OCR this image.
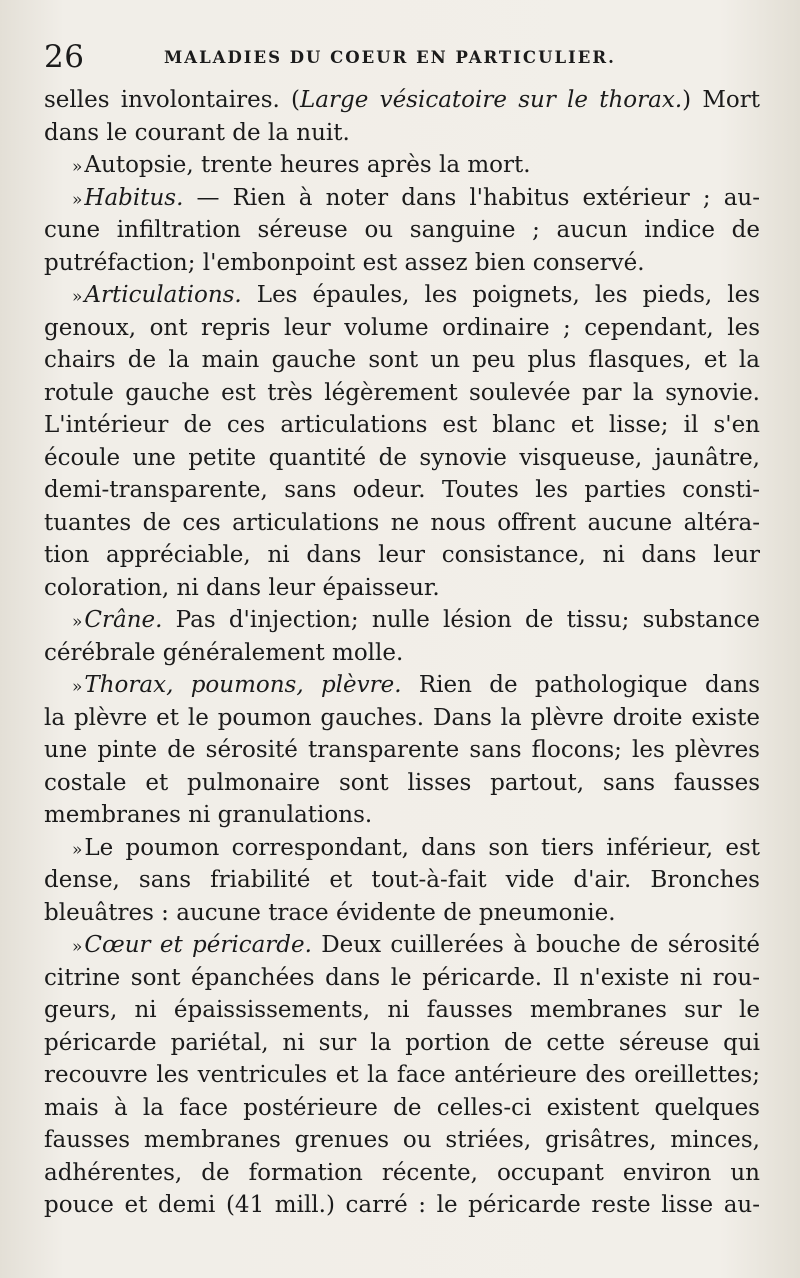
26	MALADIES DU COEUR EN PARTICULIER.
selles involontaires. (Large vésicatoire sur le thorax.) Mort
dans le courant de la nuit.
»Autopsie, trente heures après la mort.
»Habitus. — Rien à noter dans l'habitus extérieur ; au-
cune infiltration séreuse ou sanguine ; aucun indice de
putréfaction; l'embonpoint est assez bien conservé.
»Articulations. Les épaules, les poignets, les pieds, les
genoux, ont repris leur volume ordinaire ; cependant, les
chairs de la main gauche sont un peu plus flasques, et la
rotule gauche est très légèrement soulevée par la synovie.
L'intérieur de ces articulations est blanc et lisse; il s'en
écoule une petite quantité de synovie visqueuse, jaunâtre,
demi-transparente, sans odeur. Toutes les parties consti-
tuantes de ces articulations ne nous offrent aucune altéra-
tion appréciable, ni dans leur consistance, ni dans leur
coloration, ni dans leur épaisseur.
»Crâne. Pas d'injection; nulle lésion de tissu; substance
cérébrale généralement molle.
»Thorax, poumons, plèvre. Rien de pathologique dans
la plèvre et le poumon gauches. Dans la plèvre droite existe
une pinte de sérosité transparente sans flocons; les plèvres
costale et pulmonaire sont lisses partout, sans fausses
membranes ni granulations.
»Le poumon correspondant, dans son tiers inférieur, est
dense, sans friabilité et tout-à-fait vide d'air. Bronches
bleuâtres : aucune trace évidente de pneumonie.
»Cœur et péricarde. Deux cuillerées à bouche de sérosité
citrine sont épanchées dans le péricarde. Il n'existe ni rou-
geurs, ni épaississements, ni fausses membranes sur le
péricarde pariétal, ni sur la portion de cette séreuse qui
recouvre les ventricules et la face antérieure des oreillettes;
mais à la face postérieure de celles-ci existent quelques
fausses membranes grenues ou striées, grisâtres, minces,
adhérentes, de formation récente, occupant environ un
pouce et demi (41 mill.) carré : le péricarde reste lisse au-
